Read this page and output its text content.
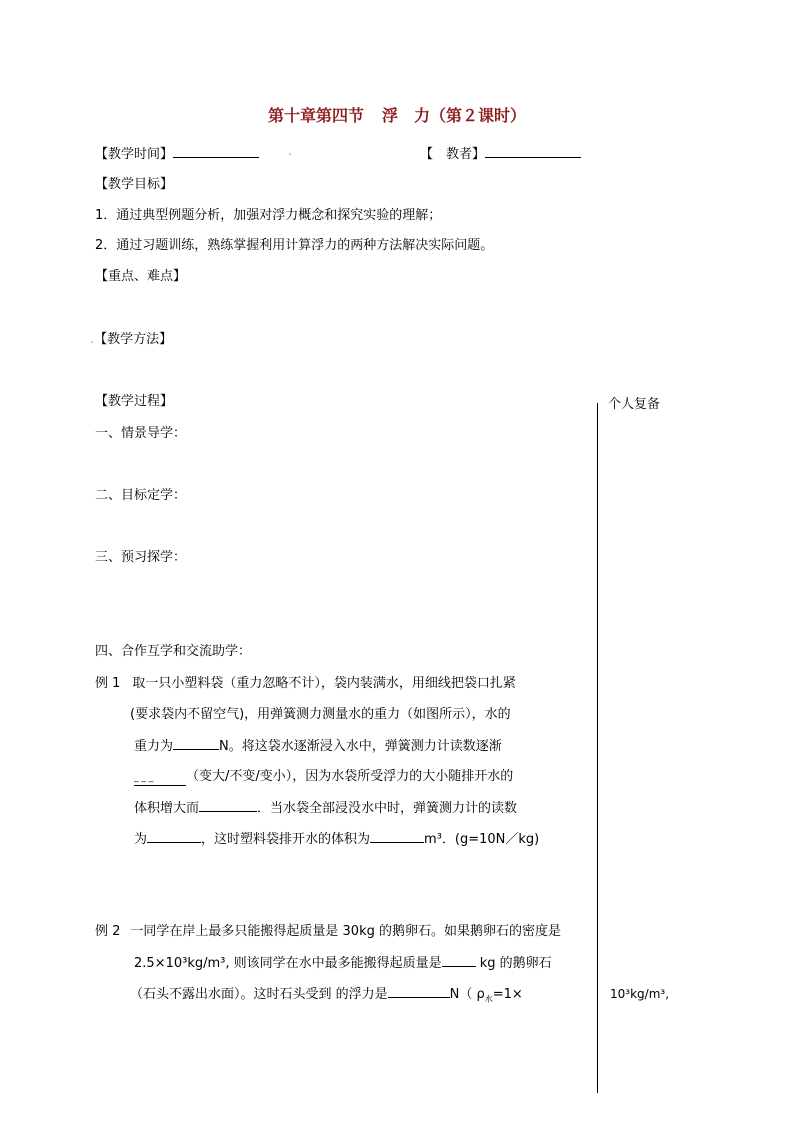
第十章第四节 浮　力（第２课时）
【教学时间】	.	【　教者】
【教学目标】
1．通过典型例题分析，加强对浮力概念和探究实验的理解；
2．通过习题训练，熟练掌握利用计算浮力的两种方法解决实际问题。
【重点、难点】
.【教学方法】
【教学过程】	个人复备
一、情景导学：
二、目标定学：
三、预习探学：
四、合作互学和交流助学：
例 1 取一只小塑料袋（重力忽略不计），袋内装满水，用细线把袋口扎紧
(要求袋内不留空气)，用弹簧测力测量水的重力（如图所示），水的
重力为	N。将这袋水逐渐浸入水中，弹簧测力计读数逐渐
_ _ _	（变大/不变/变小），因为水袋所受浮力的大小随排开水的
体积增大而	．当水袋全部浸没水中时，弹簧测力计的读数
为	，这时塑料袋排开水的体积为	m³．(g=10N／kg)
例 2 一同学在岸上最多只能搬得起质量是 30kg 的鹅卵石。如果鹅卵石的密度是
2.5×10³kg/m³, 则该同学在水中最多能搬得起质量是	kg 的鹅卵石
（石头不露出水面）。这时石头受到 的浮力是	N（ $\rho_水=1\times$	10³kg/m³,
